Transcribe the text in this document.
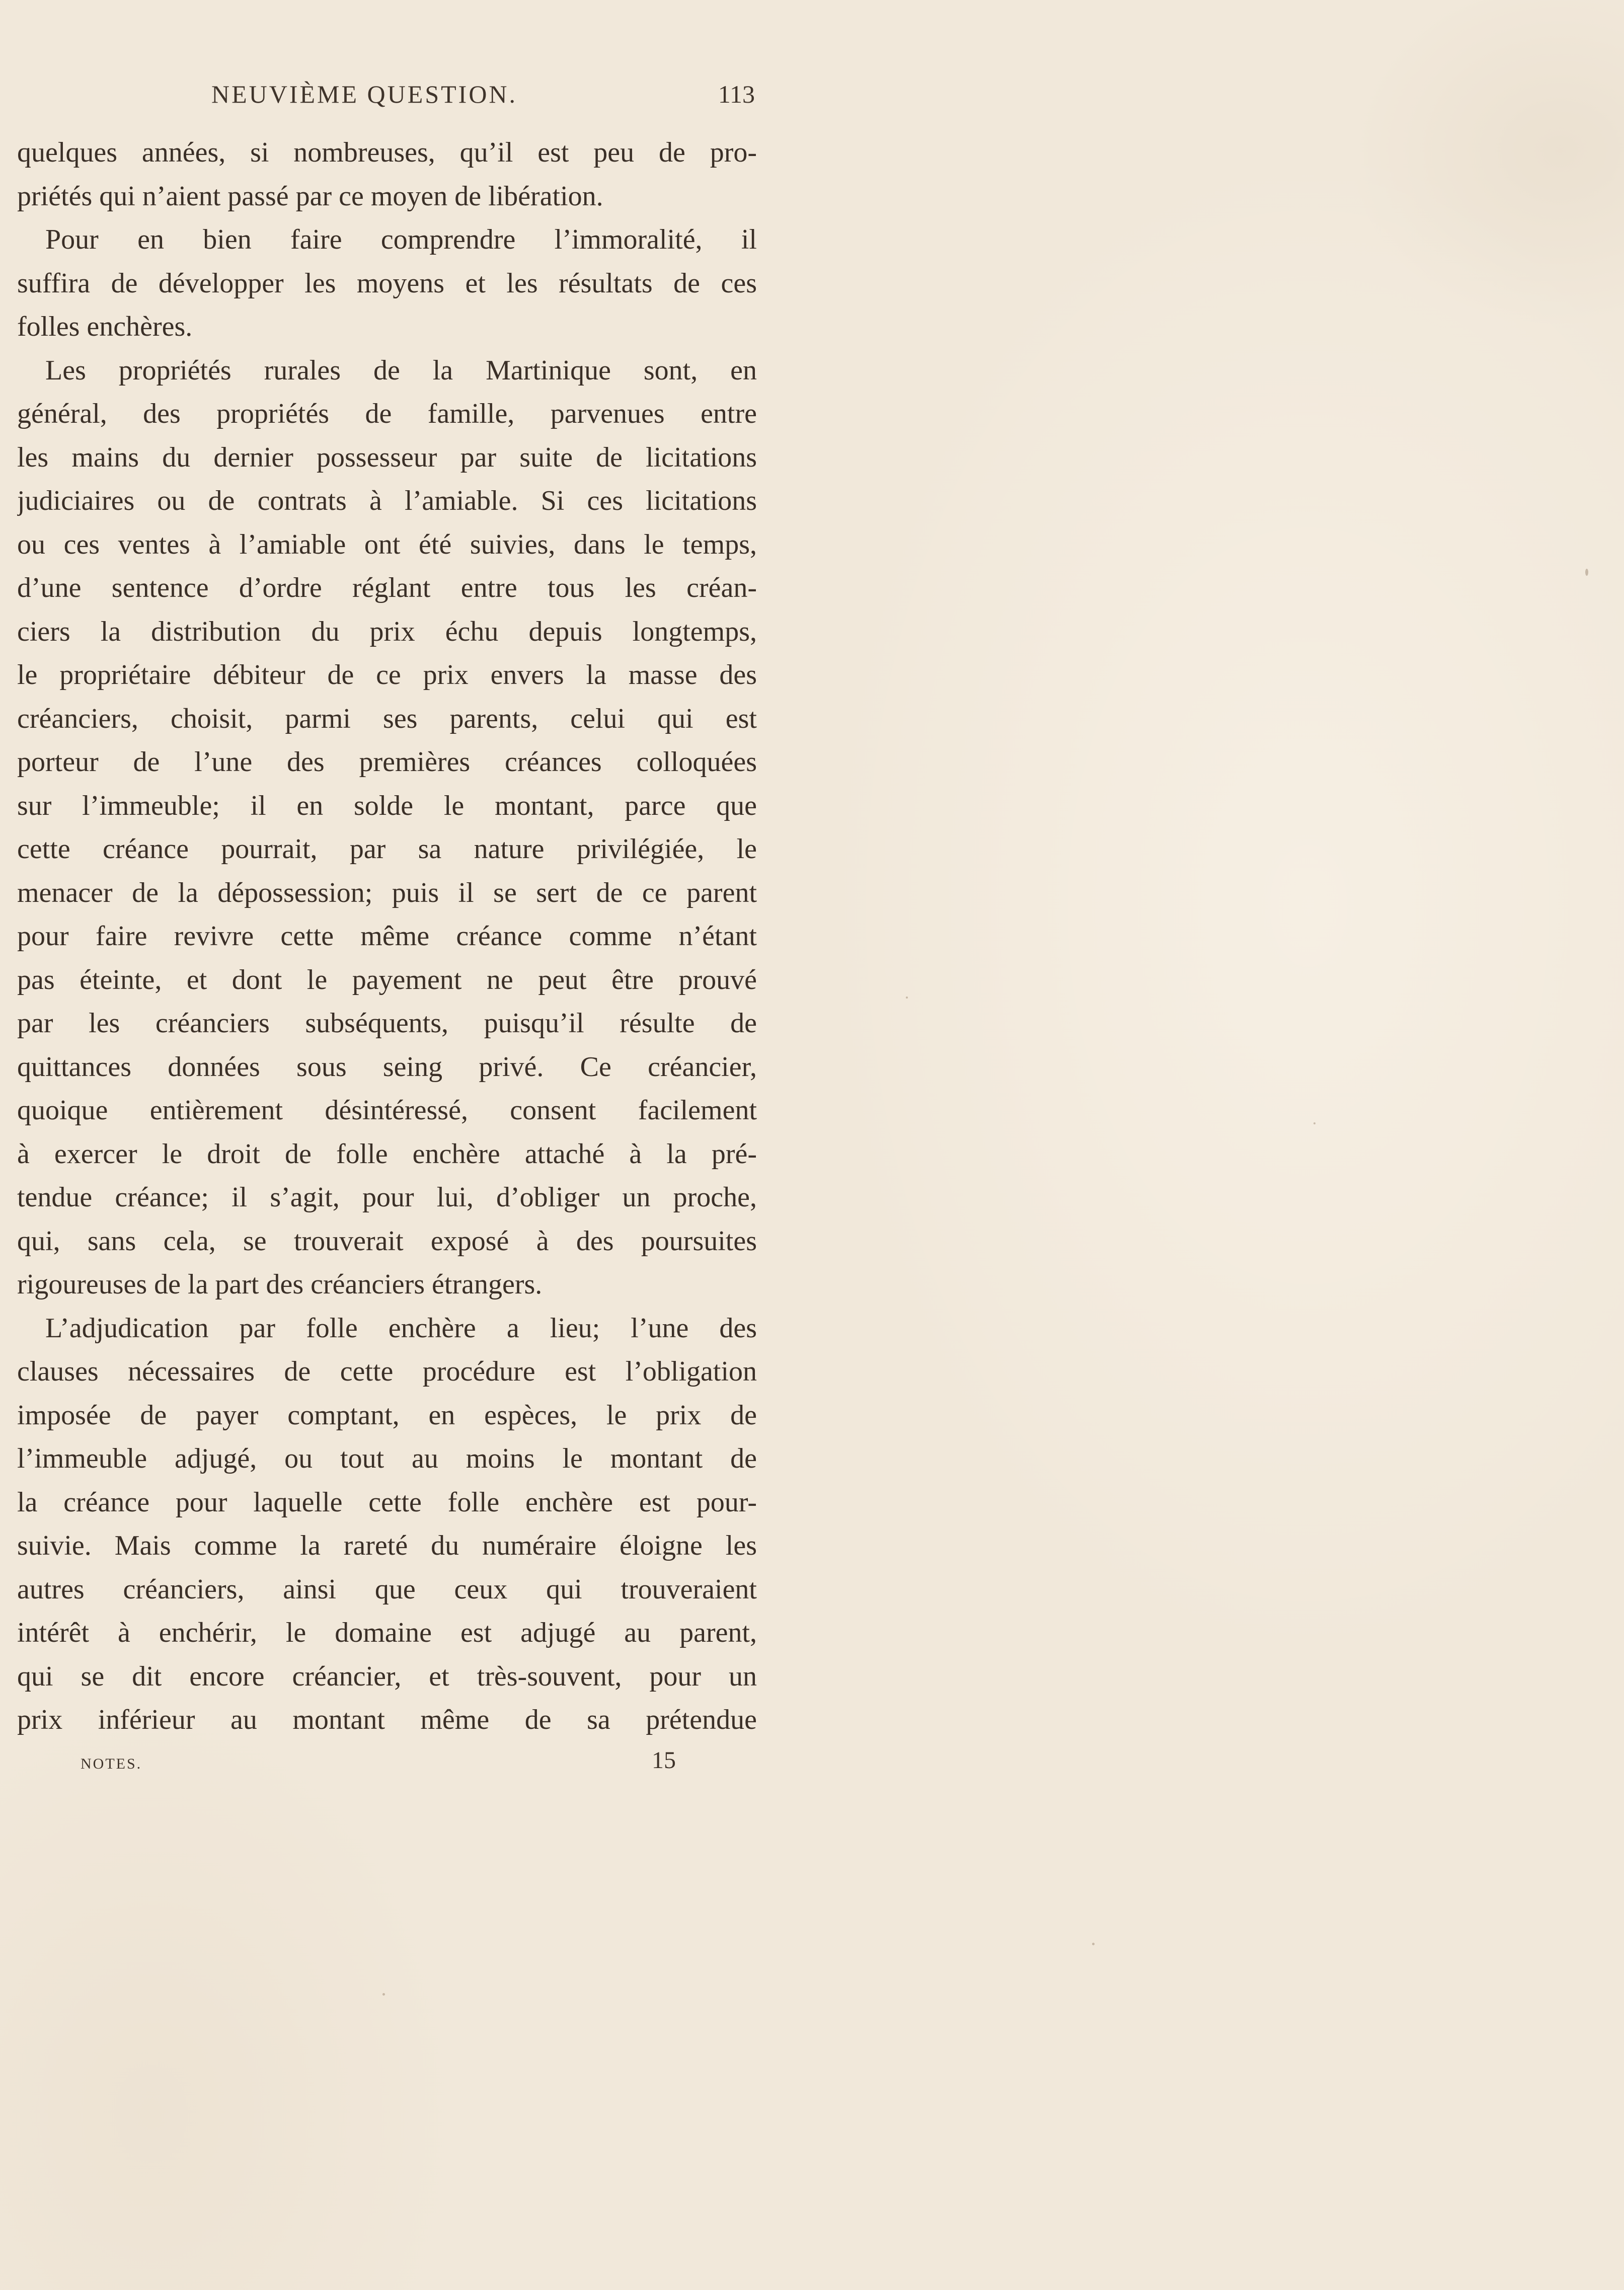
NEUVIÈME QUESTION.	113
quelques années, si nombreuses, qu’il est peu de pro-
priétés qui n’aient passé par ce moyen de libération.
Pour en bien faire comprendre l’immoralité, il
suffira de développer les moyens et les résultats de ces
folles enchères.
Les propriétés rurales de la Martinique sont, en
général, des propriétés de famille, parvenues entre
les mains du dernier possesseur par suite de licitations
judiciaires ou de contrats à l’amiable. Si ces licitations
ou ces ventes à l’amiable ont été suivies, dans le temps,
d’une sentence d’ordre réglant entre tous les créan-
ciers la distribution du prix échu depuis longtemps,
le propriétaire débiteur de ce prix envers la masse des
créanciers, choisit, parmi ses parents, celui qui est
porteur de l’une des premières créances colloquées
sur l’immeuble; il en solde le montant, parce que
cette créance pourrait, par sa nature privilégiée, le
menacer de la dépossession; puis il se sert de ce parent
pour faire revivre cette même créance comme n’étant
pas éteinte, et dont le payement ne peut être prouvé
par les créanciers subséquents, puisqu’il résulte de
quittances données sous seing privé. Ce créancier,
quoique entièrement désintéressé, consent facilement
à exercer le droit de folle enchère attaché à la pré-
tendue créance; il s’agit, pour lui, d’obliger un proche,
qui, sans cela, se trouverait exposé à des poursuites
rigoureuses de la part des créanciers étrangers.
L’adjudication par folle enchère a lieu; l’une des
clauses nécessaires de cette procédure est l’obligation
imposée de payer comptant, en espèces, le prix de
l’immeuble adjugé, ou tout au moins le montant de
la créance pour laquelle cette folle enchère est pour-
suivie. Mais comme la rareté du numéraire éloigne les
autres créanciers, ainsi que ceux qui trouveraient
intérêt à enchérir, le domaine est adjugé au parent,
qui se dit encore créancier, et très-souvent, pour un
prix inférieur au montant même de sa prétendue
NOTES.	15
